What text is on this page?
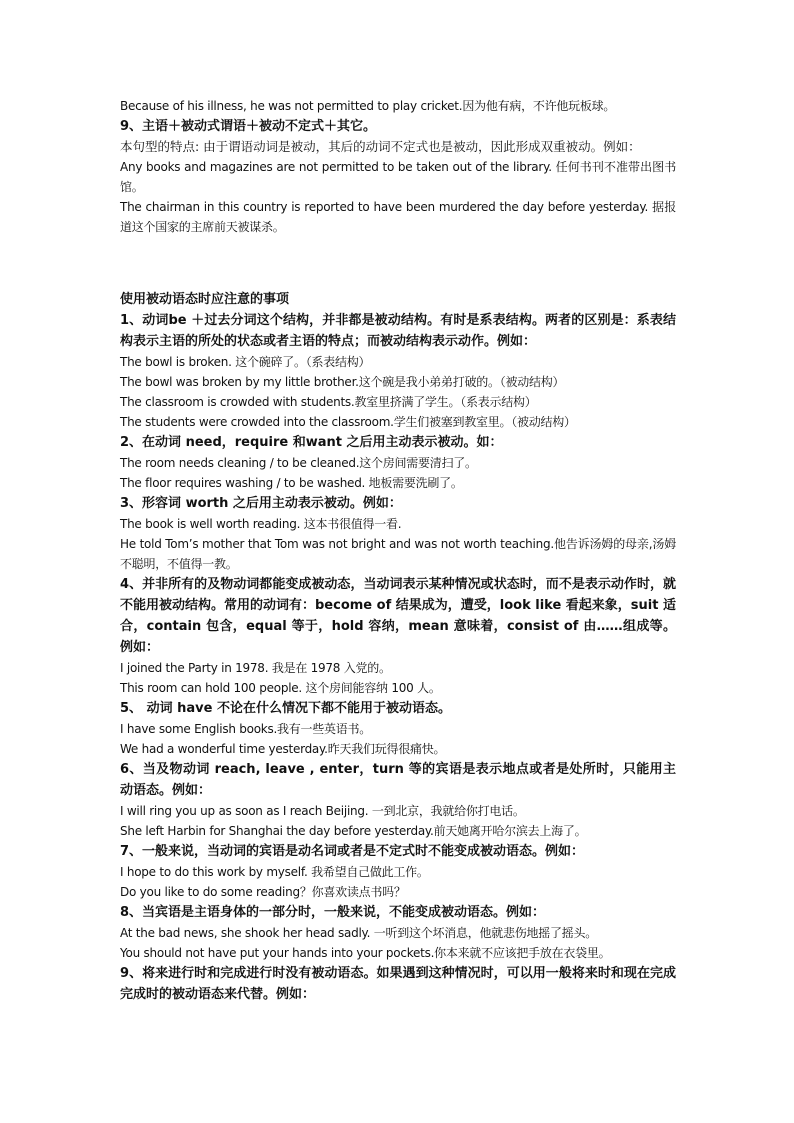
Because of his illness, he was not permitted to play cricket.因为他有病，不许他玩板球。

9、主语＋被动式谓语＋被动不定式＋其它。

本句型的特点: 由于谓语动词是被动，其后的动词不定式也是被动，因此形成双重被动。例如：

Any books and magazines are not permitted to be taken out of the library. 任何书刊不准带出图书馆。

The chairman in this country is reported to have been murdered the day before yesterday. 据报道这个国家的主席前天被谋杀。

使用被动语态时应注意的事项

1、动词be ＋过去分词这个结构，并非都是被动结构。有时是系表结构。两者的区别是：系表结构表示主语的所处的状态或者主语的特点；而被动结构表示动作。例如：

The bowl is broken. 这个碗碎了。（系表结构）

The bowl was broken by my little brother.这个碗是我小弟弟打破的。（被动结构）

The classroom is crowded with students.教室里挤满了学生。（系表示结构）

The students were crowded into the classroom.学生们被塞到教室里。（被动结构）

2、在动词 need，require 和want 之后用主动表示被动。如：

The room needs cleaning / to be cleaned.这个房间需要清扫了。

The floor requires washing / to be washed. 地板需要洗刷了。

3、形容词 worth 之后用主动表示被动。例如：

The book is well worth reading. 这本书很值得一看.

He told Tom’s mother that Tom was not bright and was not worth teaching.他告诉汤姆的母亲,汤姆不聪明，不值得一教。

4、并非所有的及物动词都能变成被动态，当动词表示某种情况或状态时，而不是表示动作时，就不能用被动结构。常用的动词有：become of 结果成为，遭受，look like 看起来象，suit 适合，contain 包含，equal 等于，hold 容纳，mean 意味着，consist of 由……组成等。例如：

I joined the Party in 1978. 我是在 1978 入党的。

This room can hold 100 people. 这个房间能容纳 100 人。

5、 动词 have 不论在什么情况下都不能用于被动语态。

I have some English books.我有一些英语书。

We had a wonderful time yesterday.昨天我们玩得很痛快。

6、当及物动词 reach, leave , enter，turn 等的宾语是表示地点或者是处所时，只能用主动语态。例如：

I will ring you up as soon as I reach Beijing. 一到北京，我就给你打电话。

She left Harbin for Shanghai the day before yesterday.前天她离开哈尔滨去上海了。

7、一般来说，当动词的宾语是动名词或者是不定式时不能变成被动语态。例如：

I hope to do this work by myself. 我希望自己做此工作。

Do you like to do some reading？你喜欢读点书吗？

8、当宾语是主语身体的一部分时，一般来说，不能变成被动语态。例如：

At the bad news, she shook her head sadly. 一听到这个坏消息，他就悲伤地摇了摇头。

You should not have put your hands into your pockets.你本来就不应该把手放在衣袋里。

9、将来进行时和完成进行时没有被动语态。如果遇到这种情况时，可以用一般将来时和现在完成完成时的被动语态来代替。例如：
